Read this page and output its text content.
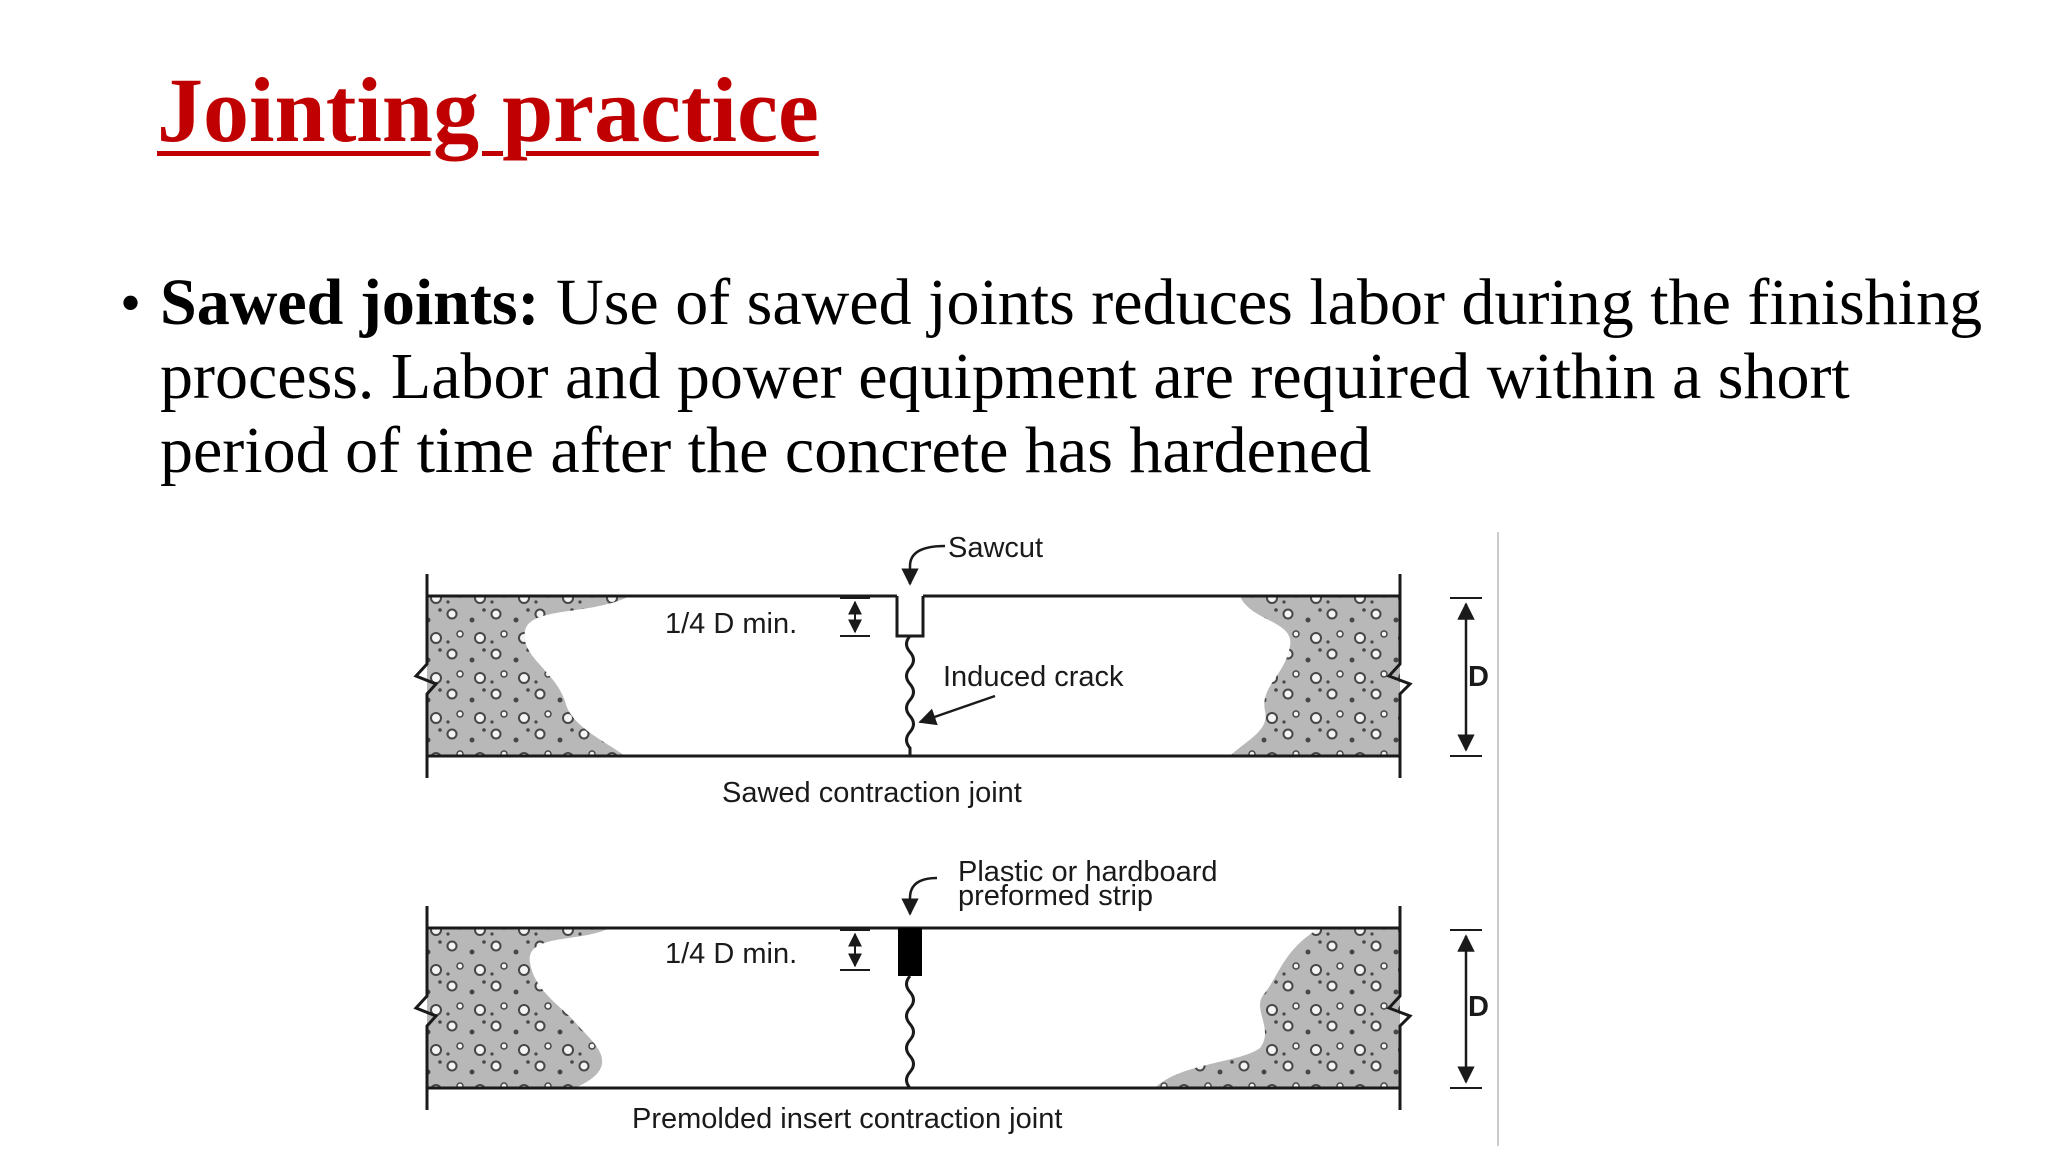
Jointing practice
• Sawed joints: Use of sawed joints reduces labor during the finishing process. Labor and power equipment are required within a short period of time after the concrete has hardened
Sawcut
1/4 D min.
Induced crack	D
Sawed contraction joint
Plastic or hardboard
preformed strip
1/4 D min.
D
Premolded insert contraction joint
